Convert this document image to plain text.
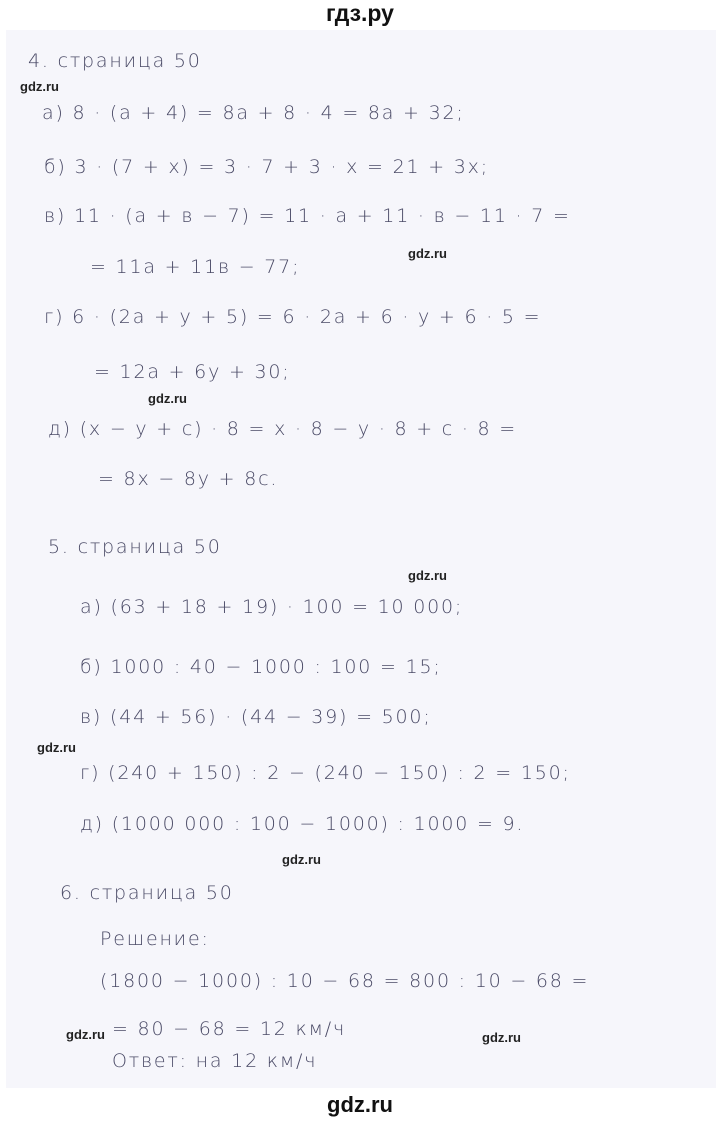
гдз.ру
4. страница 50
а) 8 · (а + 4) = 8а + 8 · 4 = 8а + 32;
б) 3 · (7 + х) = 3 · 7 + 3 · х = 21 + 3х;
в) 11 · (а + в − 7) = 11 · а + 11 · в − 11 · 7 =
= 11а + 11в − 77;
г) 6 · (2а + у + 5) = 6 · 2а + 6 · у + 6 · 5 =
= 12а + 6у + 30;
д) (х − у + с) · 8 = х · 8 − у · 8 + с · 8 =
= 8х − 8у + 8с.
5. страница 50
а) (63 + 18 + 19) · 100 = 10 000;
б) 1000 : 40 − 1000 : 100 = 15;
в) (44 + 56) · (44 − 39) = 500;
г) (240 + 150) : 2 − (240 − 150) : 2 = 150;
д) (1000 000 : 100 − 1000) : 1000 = 9.
6. страница 50
Решение:
(1800 − 1000) : 10 − 68 = 800 : 10 − 68 =
= 80 − 68 = 12 км/ч
Ответ: на 12 км/ч
gdz.ru
gdz.ru
gdz.ru
gdz.ru
gdz.ru
gdz.ru
gdz.ru	gdz.ru
gdz.ru
